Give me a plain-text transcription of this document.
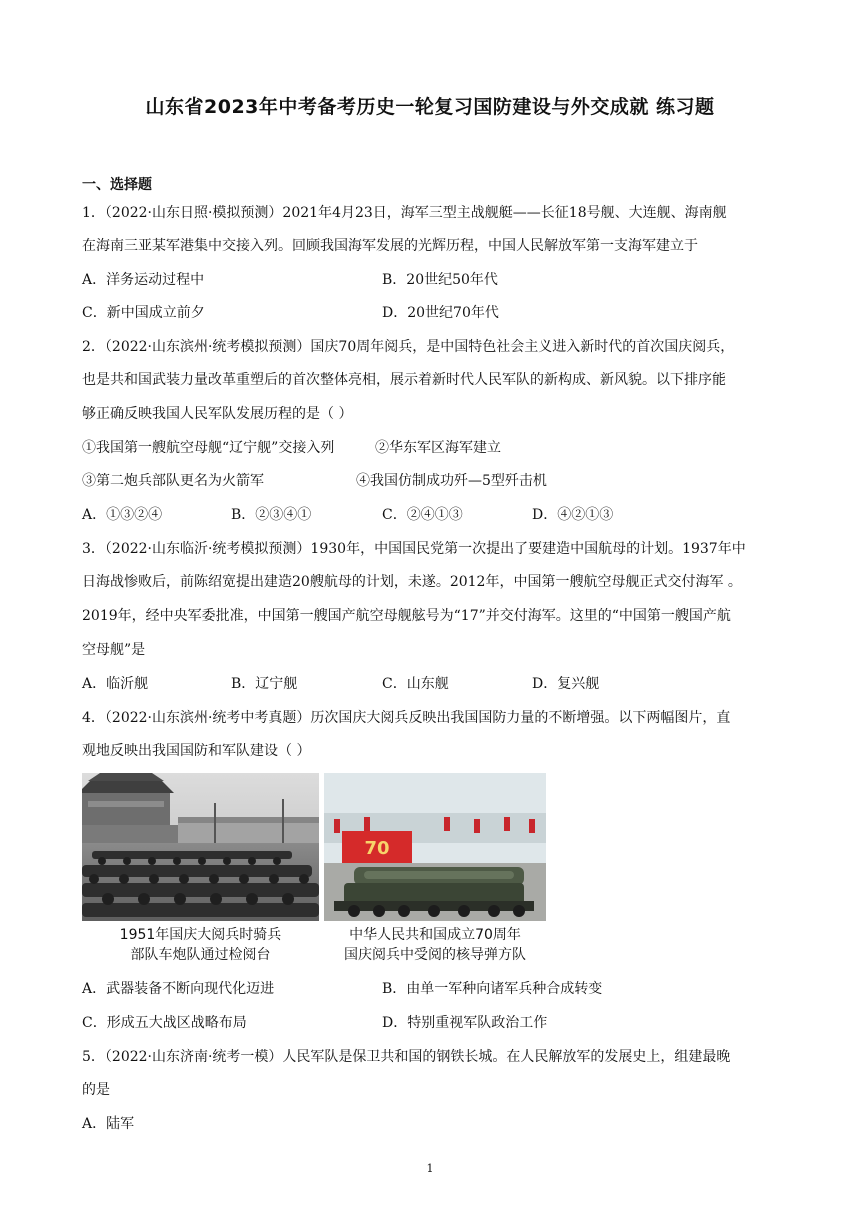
山东省2023年中考备考历史一轮复习国防建设与外交成就 练习题
一、选择题
1．（2022·山东日照·模拟预测）2021年4月23日，海军三型主战舰艇——长征18号舰、大连舰、海南舰
在海南三亚某军港集中交接入列。回顾我国海军发展的光辉历程，中国人民解放军第一支海军建立于
A．洋务运动过程中	B．20世纪50年代
C．新中国成立前夕	D．20世纪70年代
2．（2022·山东滨州·统考模拟预测）国庆70周年阅兵，是中国特色社会主义进入新时代的首次国庆阅兵，
也是共和国武装力量改革重塑后的首次整体亮相，展示着新时代人民军队的新构成、新风貌。以下排序能
够正确反映我国人民军队发展历程的是（ ）
①我国第一艘航空母舰“辽宁舰”交接入列	②华东军区海军建立
③第二炮兵部队更名为火箭军	④我国仿制成功歼—5型歼击机
A．①③②④	B．②③④①	C．②④①③	D．④②①③
3．（2022·山东临沂·统考模拟预测）1930年，中国国民党第一次提出了要建造中国航母的计划。1937年中
日海战惨败后，前陈绍宽提出建造20艘航母的计划，未遂。2012年，中国第一艘航空母舰正式交付海军 。
2019年，经中央军委批准，中国第一艘国产航空母舰舷号为“17”并交付海军。这里的“中国第一艘国产航
空母舰”是
A．临沂舰	B．辽宁舰	C．山东舰	D．复兴舰
4．（2022·山东滨州·统考中考真题）历次国庆大阅兵反映出我国国防力量的不断增强。以下两幅图片，直
观地反映出我国国防和军队建设（ ）
1951年国庆大阅兵时骑兵
部队车炮队通过检阅台
70
中华人民共和国成立70周年
国庆阅兵中受阅的核导弹方队
A．武器装备不断向现代化迈进	B．由单一军种向诸军兵种合成转变
C．形成五大战区战略布局	D．特别重视军队政治工作
5．（2022·山东济南·统考一模）人民军队是保卫共和国的钢铁长城。在人民解放军的发展史上，组建最晚
的是
A．陆军
1
